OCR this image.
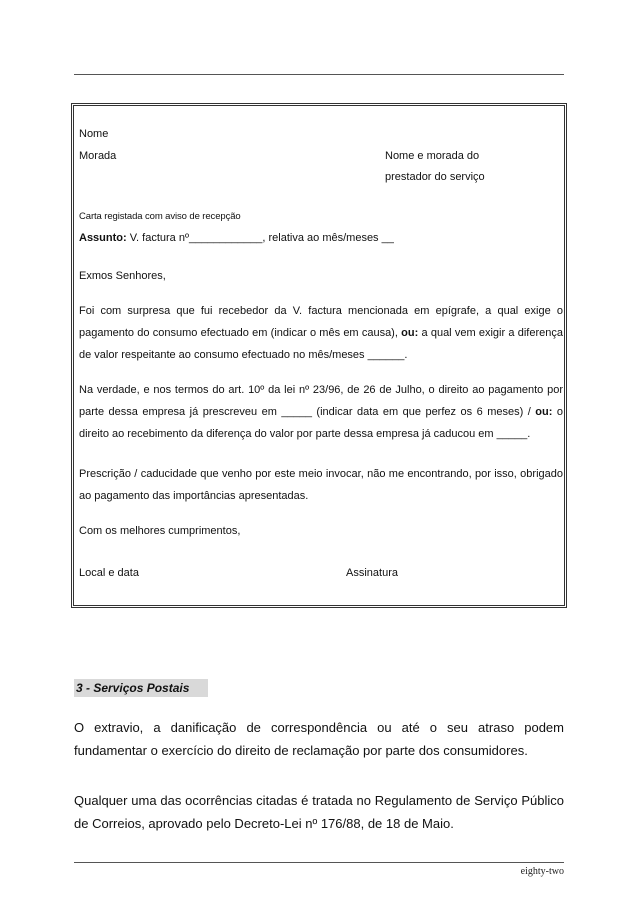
Nome
Morada	Nome e morada do
prestador do serviço
Carta registada com aviso de recepção
Assunto: V. factura nº____________, relativa ao mês/meses __
Exmos Senhores,
Foi com surpresa que fui recebedor da V. factura mencionada em epígrafe, a qual exige o pagamento do consumo efectuado em (indicar o mês em causa), ou: a qual vem exigir a diferença de valor respeitante ao consumo efectuado no mês/meses ______.
Na verdade, e nos termos do art. 10º da lei nº 23/96, de 26 de Julho, o direito ao pagamento por parte dessa empresa já prescreveu em _____ (indicar data em que perfez os 6 meses) / ou: o direito ao recebimento da diferença do valor por parte dessa empresa já caducou em _____.
Prescrição / caducidade que venho por este meio invocar, não me encontrando, por isso, obrigado ao pagamento das importâncias apresentadas.
Com os melhores cumprimentos,
Local e data	Assinatura
3 - Serviços Postais
O extravio, a danificação de correspondência ou até o seu atraso podem fundamentar o exercício do direito de reclamação por parte dos consumidores.
Qualquer uma das ocorrências citadas é tratada no Regulamento de Serviço Público de Correios, aprovado pelo Decreto-Lei nº 176/88, de 18 de Maio.
eighty-two
